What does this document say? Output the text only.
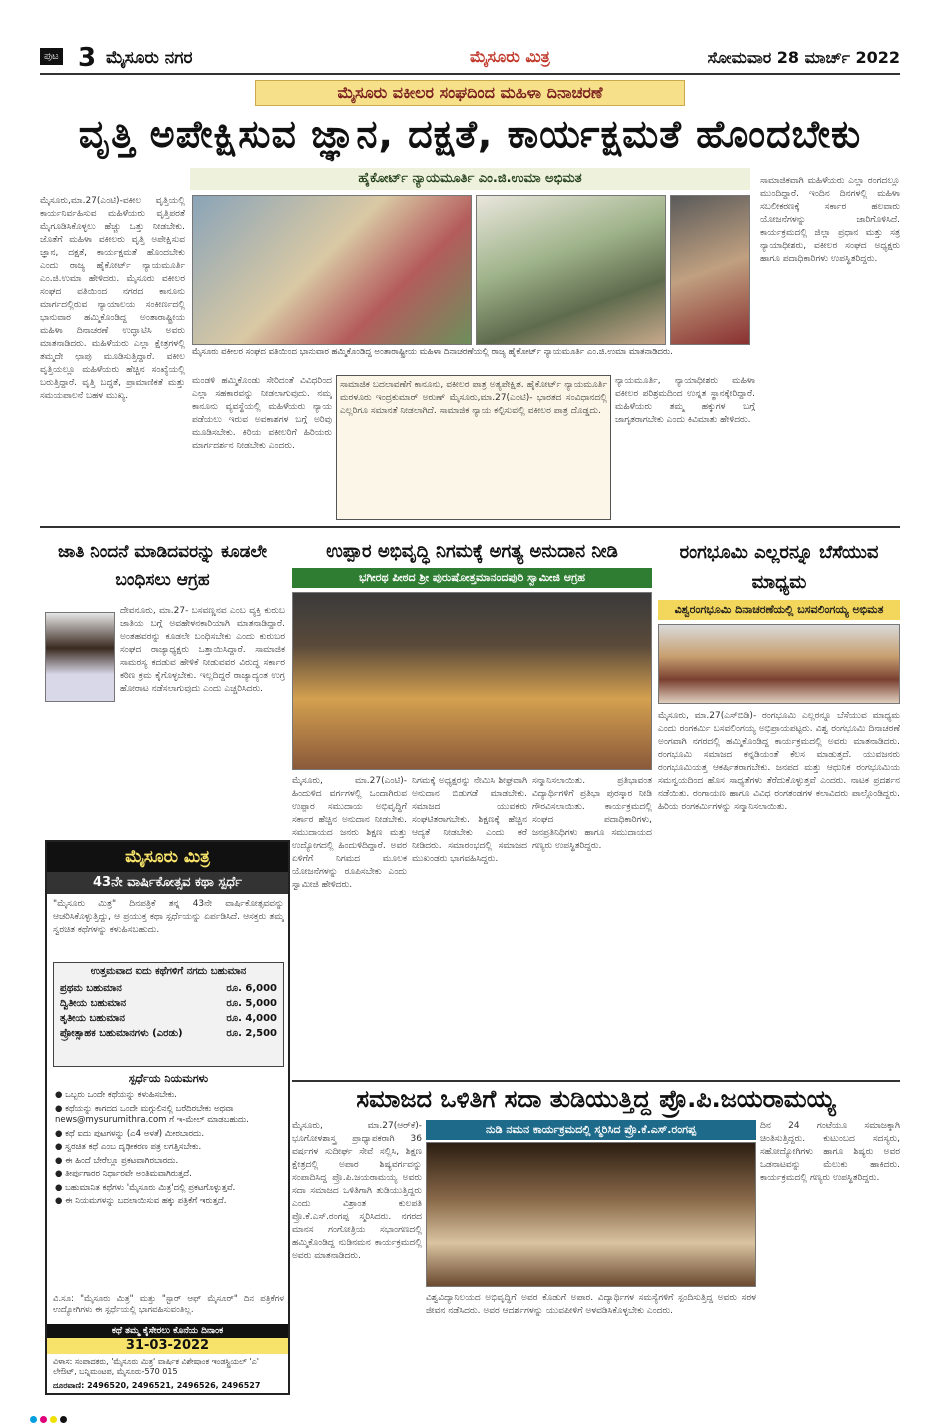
ಪುಟ 3 ಮೈಸೂರು ನಗರ	ಮೈಸೂರು ಮಿತ್ರ	ಸೋಮವಾರ 28 ಮಾರ್ಚ್ 2022
ಮೈಸೂರು ವಕೀಲರ ಸಂಘದಿಂದ ಮಹಿಳಾ ದಿನಾಚರಣೆ
ವೃತ್ತಿ ಅಪೇಕ್ಷಿಸುವ ಜ್ಞಾನ, ದಕ್ಷತೆ, ಕಾರ್ಯಕ್ಷಮತೆ ಹೊಂದಬೇಕು
ಹೈಕೋರ್ಟ್ ನ್ಯಾಯಮೂರ್ತಿ ಎಂ.ಜಿ.ಉಮಾ ಅಭಿಮತ
ಮೈಸೂರು,ಮಾ.27(ಎಂಟಿ)-ವಕೀಲ ವೃತ್ತಿಯಲ್ಲಿ ಕಾರ್ಯನಿರ್ವಹಿಸುವ ಮಹಿಳೆಯರು ವೃತ್ತಿಪರತೆ ಮೈಗೂಡಿಸಿಕೊಳ್ಳಲು ಹೆಚ್ಚು ಒತ್ತು ನೀಡಬೇಕು. ಜೊತೆಗೆ ಮಹಿಳಾ ವಕೀಲರು ವೃತ್ತಿ ಅಪೇಕ್ಷಿಸುವ ಜ್ಞಾನ, ದಕ್ಷತೆ, ಕಾರ್ಯಕ್ಷಮತೆ ಹೊಂದಬೇಕು ಎಂದು ರಾಜ್ಯ ಹೈಕೋರ್ಟ್ ನ್ಯಾಯಮೂರ್ತಿ ಎಂ.ಜಿ.ಉಮಾ ಹೇಳಿದರು. ಮೈಸೂರು ವಕೀಲರ ಸಂಘದ ವತಿಯಿಂದ ನಗರದ ಕಾನೂನು ಮಾರ್ಗದಲ್ಲಿರುವ ನ್ಯಾಯಾಲಯ ಸಂಕೀರ್ಣದಲ್ಲಿ ಭಾನುವಾರ ಹಮ್ಮಿಕೊಂಡಿದ್ದ ಅಂತಾರಾಷ್ಟ್ರೀಯ ಮಹಿಳಾ ದಿನಾಚರಣೆ ಉದ್ಘಾಟಿಸಿ ಅವರು ಮಾತನಾಡಿದರು. ಮಹಿಳೆಯರು ಎಲ್ಲಾ ಕ್ಷೇತ್ರಗಳಲ್ಲಿ ತಮ್ಮದೇ ಛಾಪು ಮೂಡಿಸುತ್ತಿದ್ದಾರೆ. ವಕೀಲ ವೃತ್ತಿಯಲ್ಲೂ ಮಹಿಳೆಯರು ಹೆಚ್ಚಿನ ಸಂಖ್ಯೆಯಲ್ಲಿ ಬರುತ್ತಿದ್ದಾರೆ. ವೃತ್ತಿ ಬದ್ಧತೆ, ಪ್ರಾಮಾಣಿಕತೆ ಮತ್ತು ಸಮಯಪಾಲನೆ ಬಹಳ ಮುಖ್ಯ.
ಮೈಸೂರು ವಕೀಲರ ಸಂಘದ ವತಿಯಿಂದ ಭಾನುವಾರ ಹಮ್ಮಿಕೊಂಡಿದ್ದ ಅಂತಾರಾಷ್ಟ್ರೀಯ ಮಹಿಳಾ ದಿನಾಚರಣೆಯಲ್ಲಿ ರಾಜ್ಯ ಹೈಕೋರ್ಟ್ ನ್ಯಾಯಮೂರ್ತಿ ಎಂ.ಜಿ.ಉಮಾ ಮಾತನಾಡಿದರು.
ಮಂಡಳಿ ಹಮ್ಮಿಕೊಂಡು ಸೇರಿದಂತೆ ವಿವಿಧರಿಂದ ಎಲ್ಲಾ ಸಹಕಾರವನ್ನು ನೀಡಲಾಗುವುದು. ನಮ್ಮ ಕಾನೂನು ವ್ಯವಸ್ಥೆಯಲ್ಲಿ ಮಹಿಳೆಯರು ನ್ಯಾಯ ಪಡೆಯಲು ಇರುವ ಅವಕಾಶಗಳ ಬಗ್ಗೆ ಅರಿವು ಮೂಡಿಸಬೇಕು. ಕಿರಿಯ ವಕೀಲರಿಗೆ ಹಿರಿಯರು ಮಾರ್ಗದರ್ಶನ ನೀಡಬೇಕು ಎಂದರು.
ಸಾಮಾಜಿಕ ಬದಲಾವಣೆಗೆ ಕಾನೂನು, ವಕೀಲರ ಪಾತ್ರ ಅತ್ಯಪೇಕ್ಷಿತ. ಹೈಕೋರ್ಟ್ ನ್ಯಾಯಮೂರ್ತಿ ಮರಳೂರು ಇಂದ್ರಕುಮಾರ್ ಅರುಣ್ ಮೈಸೂರು,ಮಾ.27(ಎಂಟಿ)- ಭಾರತದ ಸಂವಿಧಾನದಲ್ಲಿ ಎಲ್ಲರಿಗೂ ಸಮಾನತೆ ನೀಡಲಾಗಿದೆ. ಸಾಮಾಜಿಕ ನ್ಯಾಯ ಕಲ್ಪಿಸುವಲ್ಲಿ ವಕೀಲರ ಪಾತ್ರ ದೊಡ್ಡದು.
ನ್ಯಾಯಮೂರ್ತಿ, ನ್ಯಾಯಾಧೀಶರು ಮಹಿಳಾ ವಕೀಲರ ಪರಿಶ್ರಮದಿಂದ ಉನ್ನತ ಸ್ಥಾನಕ್ಕೇರಿದ್ದಾರೆ. ಮಹಿಳೆಯರು ತಮ್ಮ ಹಕ್ಕುಗಳ ಬಗ್ಗೆ ಜಾಗೃತರಾಗಬೇಕು ಎಂದು ಕಿವಿಮಾತು ಹೇಳಿದರು.
ಸಾಮಾಜಿಕವಾಗಿ ಮಹಿಳೆಯರು ಎಲ್ಲಾ ರಂಗದಲ್ಲೂ ಮುಂದಿದ್ದಾರೆ. ಇಂದಿನ ದಿನಗಳಲ್ಲಿ ಮಹಿಳಾ ಸಬಲೀಕರಣಕ್ಕೆ ಸರ್ಕಾರ ಹಲವಾರು ಯೋಜನೆಗಳನ್ನು ಜಾರಿಗೊಳಿಸಿದೆ. ಕಾರ್ಯಕ್ರಮದಲ್ಲಿ ಜಿಲ್ಲಾ ಪ್ರಧಾನ ಮತ್ತು ಸತ್ರ ನ್ಯಾಯಾಧೀಶರು, ವಕೀಲರ ಸಂಘದ ಅಧ್ಯಕ್ಷರು ಹಾಗೂ ಪದಾಧಿಕಾರಿಗಳು ಉಪಸ್ಥಿತರಿದ್ದರು.
ಜಾತಿ ನಿಂದನೆ ಮಾಡಿದವರನ್ನು ಕೂಡಲೇ ಬಂಧಿಸಲು ಆಗ್ರಹ
ದೇವನೂರು, ಮಾ.27- ಬಸವಣ್ಣನವ ಎಂಬ ವ್ಯಕ್ತಿ ಕುರುಬ ಜಾತಿಯ ಬಗ್ಗೆ ಅವಹೇಳನಕಾರಿಯಾಗಿ ಮಾತನಾಡಿದ್ದಾರೆ. ಅಂತಹವರನ್ನು ಕೂಡಲೇ ಬಂಧಿಸಬೇಕು ಎಂದು ಕುರುಬರ ಸಂಘದ ರಾಜ್ಯಾಧ್ಯಕ್ಷರು ಒತ್ತಾಯಿಸಿದ್ದಾರೆ. ಸಾಮಾಜಿಕ ಸಾಮರಸ್ಯ ಕದಡುವ ಹೇಳಿಕೆ ನೀಡುವವರ ವಿರುದ್ಧ ಸರ್ಕಾರ ಕಠಿಣ ಕ್ರಮ ಕೈಗೊಳ್ಳಬೇಕು. ಇಲ್ಲದಿದ್ದರೆ ರಾಜ್ಯಾದ್ಯಂತ ಉಗ್ರ ಹೋರಾಟ ನಡೆಸಲಾಗುವುದು ಎಂದು ಎಚ್ಚರಿಸಿದರು.
ಮೈಸೂರು ಮಿತ್ರ
43ನೇ ವಾರ್ಷಿಕೋತ್ಸವ ಕಥಾ ಸ್ಪರ್ಧೆ
"ಮೈಸೂರು ಮಿತ್ರ" ದಿನಪತ್ರಿಕೆ ತನ್ನ 43ನೇ ವಾರ್ಷಿಕೋತ್ಸವವನ್ನು ಆಚರಿಸಿಕೊಳ್ಳುತ್ತಿದ್ದು, ಆ ಪ್ರಯುಕ್ತ ಕಥಾ ಸ್ಪರ್ಧೆಯನ್ನು ಏರ್ಪಡಿಸಿದೆ. ಆಸಕ್ತರು ತಮ್ಮ ಸ್ವರಚಿತ ಕಥೆಗಳನ್ನು ಕಳುಹಿಸಬಹುದು.
ಉತ್ತಮವಾದ ಐದು ಕಥೆಗಳಿಗೆ ನಗದು ಬಹುಮಾನ
ಪ್ರಥಮ ಬಹುಮಾನ	ರೂ. 6,000
ದ್ವಿತೀಯ ಬಹುಮಾನ	ರೂ. 5,000
ತೃತೀಯ ಬಹುಮಾನ	ರೂ. 4,000
ಪ್ರೋತ್ಸಾಹಕ ಬಹುಮಾನಗಳು (ಎರಡು)	ರೂ. 2,500
ಸ್ಪರ್ಧೆಯ ನಿಯಮಗಳು
● ಒಬ್ಬರು ಒಂದೇ ಕಥೆಯನ್ನು ಕಳುಹಿಸಬೇಕು.
● ಕಥೆಯನ್ನು ಕಾಗದದ ಒಂದೇ ಮಗ್ಗುಲಿನಲ್ಲಿ ಬರೆದಿರಬೇಕು ಅಥವಾ news@mysurumithra.com ಗೆ ಇ-ಮೇಲ್ ಮಾಡಬಹುದು.
● ಕಥೆ ಐದು ಪುಟಗಳನ್ನು (ಎ4 ಅಳತೆ) ಮೀರಬಾರದು.
● ಸ್ವರಚಿತ ಕಥೆ ಎಂಬ ದೃಢೀಕರಣ ಪತ್ರ ಲಗತ್ತಿಸಬೇಕು.
● ಈ ಹಿಂದೆ ಬೇರೆಲ್ಲೂ ಪ್ರಕಟವಾಗಿರಬಾರದು.
● ತೀರ್ಪುಗಾರರ ನಿರ್ಧಾರವೇ ಅಂತಿಮವಾಗಿರುತ್ತದೆ.
● ಬಹುಮಾನಿತ ಕಥೆಗಳು 'ಮೈಸೂರು ಮಿತ್ರ'ದಲ್ಲಿ ಪ್ರಕಟಗೊಳ್ಳುತ್ತವೆ.
● ಈ ನಿಯಮಗಳನ್ನು ಬದಲಾಯಿಸುವ ಹಕ್ಕು ಪತ್ರಿಕೆಗೆ ಇರುತ್ತದೆ.
ವಿ.ಸೂ: "ಮೈಸೂರು ಮಿತ್ರ" ಮತ್ತು "ಸ್ಟಾರ್ ಆಫ್ ಮೈಸೂರ್" ದಿನ ಪತ್ರಿಕೆಗಳ ಉದ್ಯೋಗಿಗಳು ಈ ಸ್ಪರ್ಧೆಯಲ್ಲಿ ಭಾಗವಹಿಸುವಂತಿಲ್ಲ.
ಕಥೆ ತಮ್ಮ ಕೈಸೇರಲು ಕೊನೆಯ ದಿನಾಂಕ
31-03-2022
ವಿಳಾಸ: ಸಂಪಾದಕರು, 'ಮೈಸೂರು ಮಿತ್ರ' ವಾರ್ಷಿಕ ವಿಶೇಷಾಂಕ ಇಂಡಸ್ಟ್ರಿಯಲ್ 'ಎ' ಲೇಔಟ್, ಬನ್ನಿಮಂಟಪ, ಮೈಸೂರು-570 015
ದೂರವಾಣಿ: 2496520, 2496521, 2496526, 2496527
ಉಪ್ಪಾರ ಅಭಿವೃದ್ಧಿ ನಿಗಮಕ್ಕೆ ಅಗತ್ಯ ಅನುದಾನ ನೀಡಿ
ಭಗೀರಥ ಪೀಠದ ಶ್ರೀ ಪುರುಷೋತ್ತಮಾನಂದಪುರಿ ಸ್ವಾಮೀಜಿ ಆಗ್ರಹ
ಮೈಸೂರು, ಮಾ.27(ಎಂಟಿ)- ಹಿಂದುಳಿದ ವರ್ಗಗಳಲ್ಲಿ ಒಂದಾಗಿರುವ ಉಪ್ಪಾರ ಸಮುದಾಯ ಅಭಿವೃದ್ಧಿಗೆ ಸರ್ಕಾರ ಹೆಚ್ಚಿನ ಅನುದಾನ ನೀಡಬೇಕು. ಸಮುದಾಯದ ಜನರು ಶಿಕ್ಷಣ ಮತ್ತು ಉದ್ಯೋಗದಲ್ಲಿ ಹಿಂದುಳಿದಿದ್ದಾರೆ. ಅವರ ಏಳಿಗೆಗೆ ನಿಗಮದ ಮೂಲಕ ಯೋಜನೆಗಳನ್ನು ರೂಪಿಸಬೇಕು ಎಂದು ಸ್ವಾಮೀಜಿ ಹೇಳಿದರು.
ನಿಗಮಕ್ಕೆ ಅಧ್ಯಕ್ಷರನ್ನು ನೇಮಿಸಿ ಶೀಘ್ರವಾಗಿ ಅನುದಾನ ಬಿಡುಗಡೆ ಮಾಡಬೇಕು. ಸಮಾಜದ ಯುವಕರು ಸಂಘಟಿತರಾಗಬೇಕು. ಶಿಕ್ಷಣಕ್ಕೆ ಹೆಚ್ಚಿನ ಆದ್ಯತೆ ನೀಡಬೇಕು ಎಂದು ಕರೆ ನೀಡಿದರು. ಸಮಾರಂಭದಲ್ಲಿ ಸಮಾಜದ ಮುಖಂಡರು ಭಾಗವಹಿಸಿದ್ದರು.
ಸನ್ಮಾನಿಸಲಾಯಿತು. ಪ್ರತಿಭಾವಂತ ವಿದ್ಯಾರ್ಥಿಗಳಿಗೆ ಪ್ರತಿಭಾ ಪುರಸ್ಕಾರ ನೀಡಿ ಗೌರವಿಸಲಾಯಿತು. ಕಾರ್ಯಕ್ರಮದಲ್ಲಿ ಸಂಘದ ಪದಾಧಿಕಾರಿಗಳು, ಜನಪ್ರತಿನಿಧಿಗಳು ಹಾಗೂ ಸಮುದಾಯದ ಗಣ್ಯರು ಉಪಸ್ಥಿತರಿದ್ದರು.
ರಂಗಭೂಮಿ ಎಲ್ಲರನ್ನೂ ಬೆಸೆಯುವ ಮಾಧ್ಯಮ
ವಿಶ್ವರಂಗಭೂಮಿ ದಿನಾಚರಣೆಯಲ್ಲಿ ಬಸವಲಿಂಗಯ್ಯ ಅಭಿಮತ
ಮೈಸೂರು, ಮಾ.27(ಎಸ್‌ಬಿಡಿ)- ರಂಗಭೂಮಿ ಎಲ್ಲರನ್ನೂ ಬೆಸೆಯುವ ಮಾಧ್ಯಮ ಎಂದು ರಂಗಕರ್ಮಿ ಬಸವಲಿಂಗಯ್ಯ ಅಭಿಪ್ರಾಯಪಟ್ಟರು. ವಿಶ್ವ ರಂಗಭೂಮಿ ದಿನಾಚರಣೆ ಅಂಗವಾಗಿ ನಗರದಲ್ಲಿ ಹಮ್ಮಿಕೊಂಡಿದ್ದ ಕಾರ್ಯಕ್ರಮದಲ್ಲಿ ಅವರು ಮಾತನಾಡಿದರು. ರಂಗಭೂಮಿ ಸಮಾಜದ ಕನ್ನಡಿಯಂತೆ ಕೆಲಸ ಮಾಡುತ್ತದೆ. ಯುವಜನರು ರಂಗಭೂಮಿಯತ್ತ ಆಕರ್ಷಿತರಾಗಬೇಕು. ಜನಪದ ಮತ್ತು ಆಧುನಿಕ ರಂಗಭೂಮಿಯ ಸಮನ್ವಯದಿಂದ ಹೊಸ ಸಾಧ್ಯತೆಗಳು ತೆರೆದುಕೊಳ್ಳುತ್ತವೆ ಎಂದರು. ನಾಟಕ ಪ್ರದರ್ಶನ ನಡೆಯಿತು. ರಂಗಾಯಣ ಹಾಗೂ ವಿವಿಧ ರಂಗತಂಡಗಳ ಕಲಾವಿದರು ಪಾಲ್ಗೊಂಡಿದ್ದರು. ಹಿರಿಯ ರಂಗಕರ್ಮಿಗಳನ್ನು ಸನ್ಮಾನಿಸಲಾಯಿತು.
ಸಮಾಜದ ಒಳಿತಿಗೆ ಸದಾ ತುಡಿಯುತ್ತಿದ್ದ ಪ್ರೊ.ಪಿ.ಜಯರಾಮಯ್ಯ
ಮೈಸೂರು, ಮಾ.27(ಆರ್‌ಕೆ)- ಭೂಗೋಳಶಾಸ್ತ್ರ ಪ್ರಾಧ್ಯಾಪಕರಾಗಿ 36 ವರ್ಷಗಳ ಸುದೀರ್ಘ ಸೇವೆ ಸಲ್ಲಿಸಿ, ಶಿಕ್ಷಣ ಕ್ಷೇತ್ರದಲ್ಲಿ ಅಪಾರ ಶಿಷ್ಯವರ್ಗವನ್ನು ಸಂಪಾದಿಸಿದ್ದ ಪ್ರೊ.ಪಿ.ಜಯರಾಮಯ್ಯ ಅವರು ಸದಾ ಸಮಾಜದ ಒಳಿತಿಗಾಗಿ ತುಡಿಯುತ್ತಿದ್ದರು ಎಂದು ವಿಶ್ರಾಂತ ಕುಲಪತಿ ಪ್ರೊ.ಕೆ.ಎಸ್.ರಂಗಪ್ಪ ಸ್ಮರಿಸಿದರು. ನಗರದ ಮಾನಸ ಗಂಗೋತ್ರಿಯ ಸಭಾಂಗಣದಲ್ಲಿ ಹಮ್ಮಿಕೊಂಡಿದ್ದ ನುಡಿನಮನ ಕಾರ್ಯಕ್ರಮದಲ್ಲಿ ಅವರು ಮಾತನಾಡಿದರು.
ನುಡಿ ನಮನ ಕಾರ್ಯಕ್ರಮದಲ್ಲಿ ಸ್ಮರಿಸಿದ ಪ್ರೊ.ಕೆ.ಎಸ್.ರಂಗಪ್ಪ
ವಿಶ್ವವಿದ್ಯಾನಿಲಯದ ಅಭಿವೃದ್ಧಿಗೆ ಅವರ ಕೊಡುಗೆ ಅಪಾರ. ವಿದ್ಯಾರ್ಥಿಗಳ ಸಮಸ್ಯೆಗಳಿಗೆ ಸ್ಪಂದಿಸುತ್ತಿದ್ದ ಅವರು ಸರಳ ಜೀವನ ನಡೆಸಿದರು. ಅವರ ಆದರ್ಶಗಳನ್ನು ಯುವಪೀಳಿಗೆ ಅಳವಡಿಸಿಕೊಳ್ಳಬೇಕು ಎಂದರು.
ದಿನ 24 ಗಂಟೆಯೂ ಸಮಾಜಕ್ಕಾಗಿ ಚಿಂತಿಸುತ್ತಿದ್ದರು. ಕುಟುಂಬದ ಸದಸ್ಯರು, ಸಹೋದ್ಯೋಗಿಗಳು ಹಾಗೂ ಶಿಷ್ಯರು ಅವರ ಒಡನಾಟವನ್ನು ಮೆಲುಕು ಹಾಕಿದರು. ಕಾರ್ಯಕ್ರಮದಲ್ಲಿ ಗಣ್ಯರು ಉಪಸ್ಥಿತರಿದ್ದರು.
